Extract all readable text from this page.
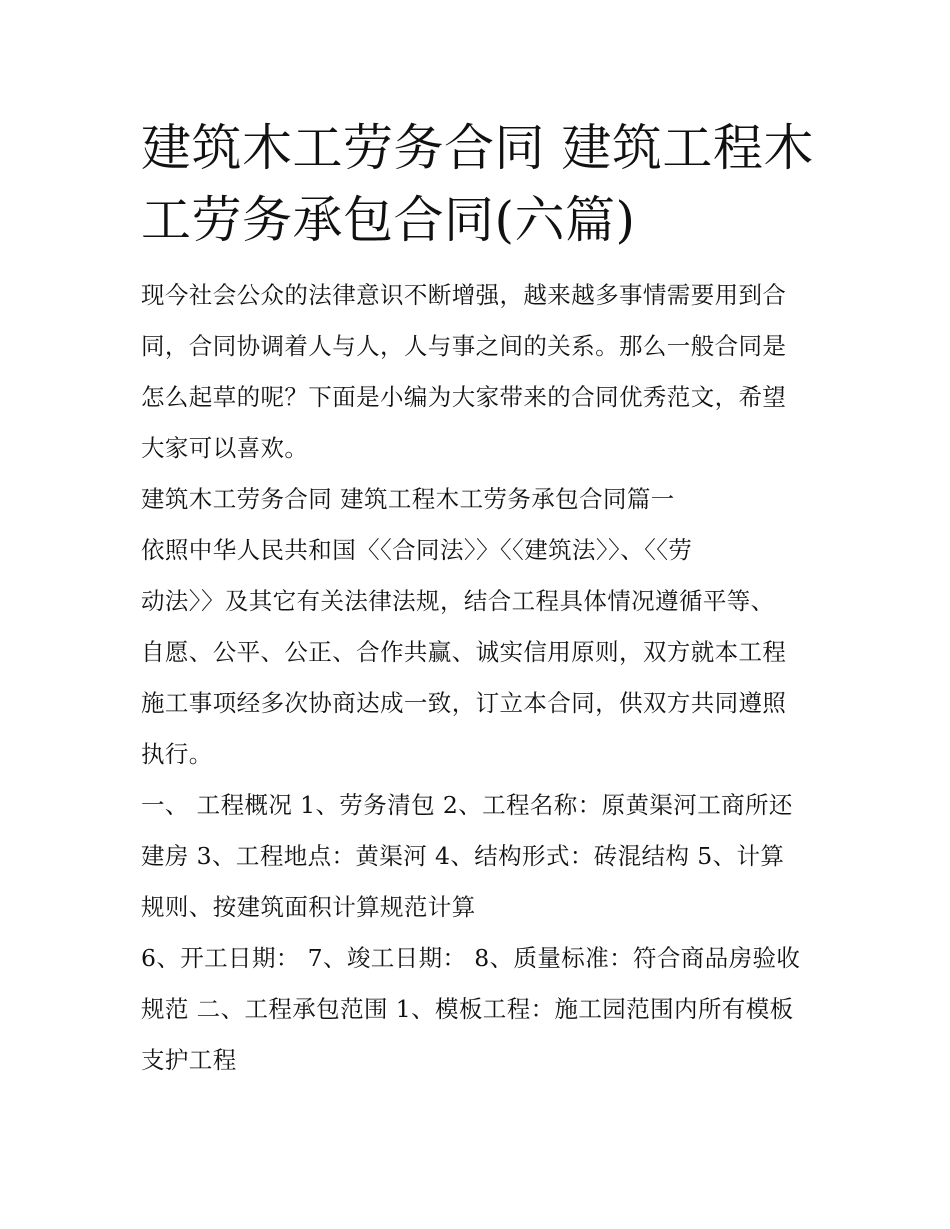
建筑木工劳务合同 建筑工程木
工劳务承包合同(六篇)

现今社会公众的法律意识不断增强，越来越多事情需要用到合
同，合同协调着人与人，人与事之间的关系。那么一般合同是
怎么起草的呢？下面是小编为大家带来的合同优秀范文，希望
大家可以喜欢。

建筑木工劳务合同 建筑工程木工劳务承包合同篇一

依照中华人民共和国〈〈合同法〉〉〈〈建筑法〉〉、〈〈劳
动法〉〉及其它有关法律法规，结合工程具体情况遵循平等、
自愿、公平、公正、合作共赢、诚实信用原则，双方就本工程
施工事项经多次协商达成一致，订立本合同，供双方共同遵照
执行。

一、 工程概况 1、劳务清包 2、工程名称：原黄渠河工商所还
建房 3、工程地点：黄渠河 4、结构形式：砖混结构 5、计算
规则、按建筑面积计算规范计算

6、开工日期： 7、竣工日期： 8、质量标准：符合商品房验收
规范 二、工程承包范围 1、模板工程：施工园范围内所有模板
支护工程
